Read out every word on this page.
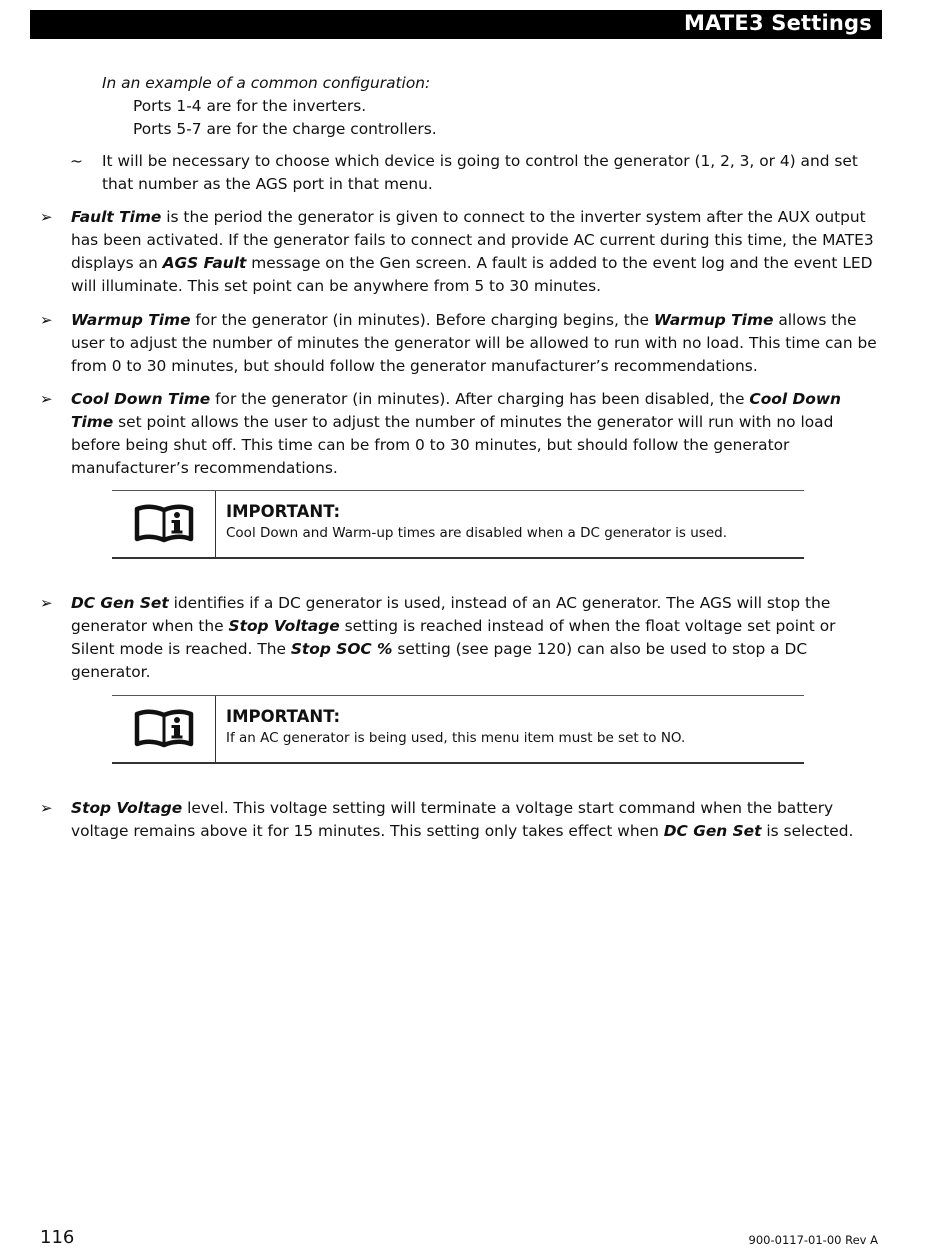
MATE3 Settings
In an example of a common configuration:
Ports 1-4 are for the inverters.
Ports 5-7 are for the charge controllers.
~ It will be necessary to choose which device is going to control the generator (1, 2, 3, or 4) and set that number as the AGS port in that menu.
➢	Fault Time is the period the generator is given to connect to the inverter system after the AUX output has been activated. If the generator fails to connect and provide AC current during this time, the MATE3 displays an AGS Fault message on the Gen screen. A fault is added to the event log and the event LED will illuminate. This set point can be anywhere from 5 to 30 minutes.
➢	Warmup Time for the generator (in minutes). Before charging begins, the Warmup Time allows the user to adjust the number of minutes the generator will be allowed to run with no load. This time can be from 0 to 30 minutes, but should follow the generator manufacturer’s recommendations.
➢	Cool Down Time for the generator (in minutes). After charging has been disabled, the Cool Down Time set point allows the user to adjust the number of minutes the generator will run with no load before being shut off. This time can be from 0 to 30 minutes, but should follow the generator manufacturer’s recommendations.
IMPORTANT:
Cool Down and Warm-up times are disabled when a DC generator is used.
➢	DC Gen Set identifies if a DC generator is used, instead of an AC generator. The AGS will stop the generator when the Stop Voltage setting is reached instead of when the float voltage set point or Silent mode is reached. The Stop SOC % setting (see page 120) can also be used to stop a DC generator.
IMPORTANT:
If an AC generator is being used, this menu item must be set to NO.
➢	Stop Voltage level. This voltage setting will terminate a voltage start command when the battery voltage remains above it for 15 minutes. This setting only takes effect when DC Gen Set is selected.
116	900-0117-01-00 Rev A
